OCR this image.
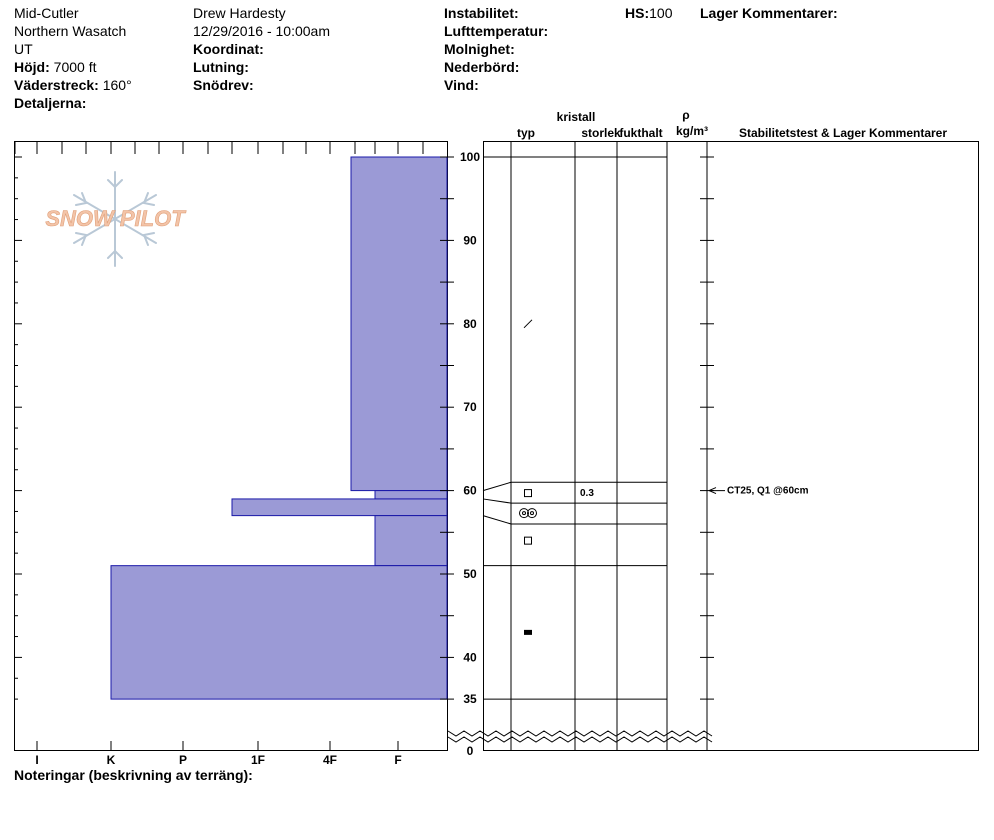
Mid-Cutler
Northern Wasatch
UT
Höjd: 7000 ft
Väderstreck: 160°
Detaljerna:
Drew Hardesty
12/29/2016 - 10:00am
Koordinat:
Lutning:
Snödrev:
Instabilitet:
Lufttemperatur:
Molnighet:
Nederbörd:
Vind:
HS:100 Lager Kommentarer:
SNOW PILOT
I	K	P	1F	4F	F
100
90
80
70
60
50
40
35
0
0.3	CT25, Q1 @60cm
kristall
typ	storlek
fukthalt
ρ
kg/m³	Stabilitetstest & Lager Kommentarer
Noteringar (beskrivning av terräng):
